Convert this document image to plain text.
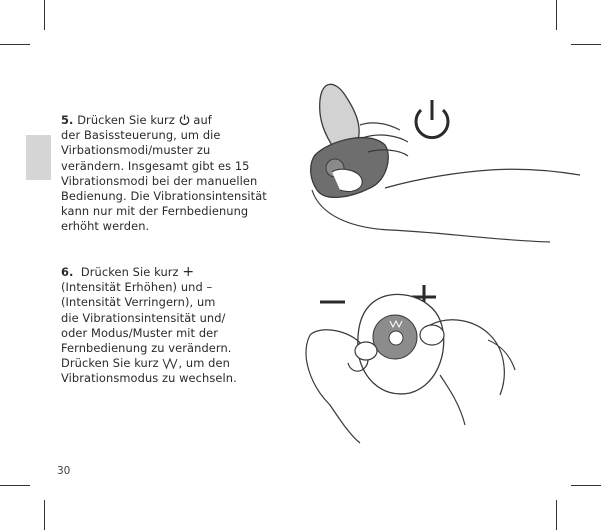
5. Drücken Sie kurz auf
der Basissteuerung, um die
Virbationsmodi/muster zu
verändern. Insgesamt gibt es 15
Vibrationsmodi bei der manuellen
Bedienung. Die Vibrationsintensität
kann nur mit der Fernbedienung
erhöht werden.
6. Drücken Sie kurz +
(Intensität Erhöhen) und –
(Intensität Verringern), um
die Vibrationsintensität und/
oder Modus/Muster mit der
Fernbedienung zu verändern.
Drücken Sie kurz , um den
Vibrationsmodus zu wechseln.
30
